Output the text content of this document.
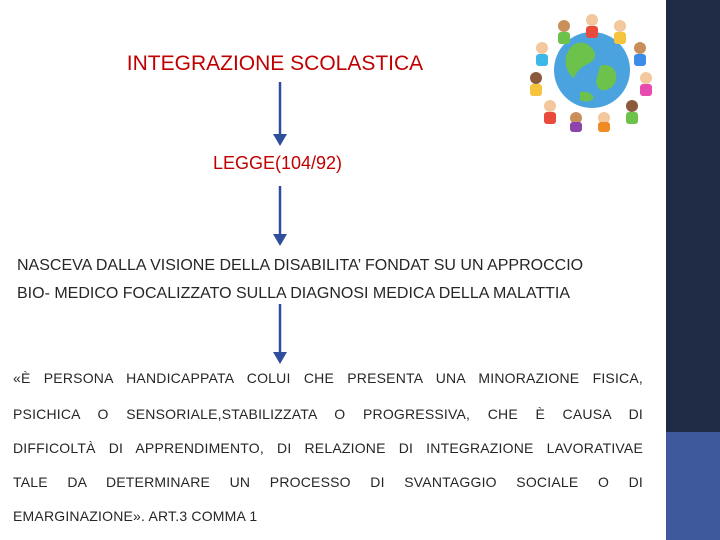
INTEGRAZIONE SCOLASTICA
LEGGE(104/92)
NASCEVA DALLA VISIONE DELLA DISABILITA’ FONDAT SU UN APPROCCIO
BIO- MEDICO FOCALIZZATO SULLA DIAGNOSI MEDICA DELLA MALATTIA
«È PERSONA HANDICAPPATA COLUI CHE PRESENTA UNA MINORAZIONE FISICA,
PSICHICA O SENSORIALE,STABILIZZATA O PROGRESSIVA, CHE È CAUSA DI
DIFFICOLTÀ DI APPRENDIMENTO, DI RELAZIONE DI INTEGRAZIONE LAVORATIVAE
TALE DA DETERMINARE UN PROCESSO DI SVANTAGGIO SOCIALE O DI
EMARGINAZIONE». ART.3 COMMA 1
